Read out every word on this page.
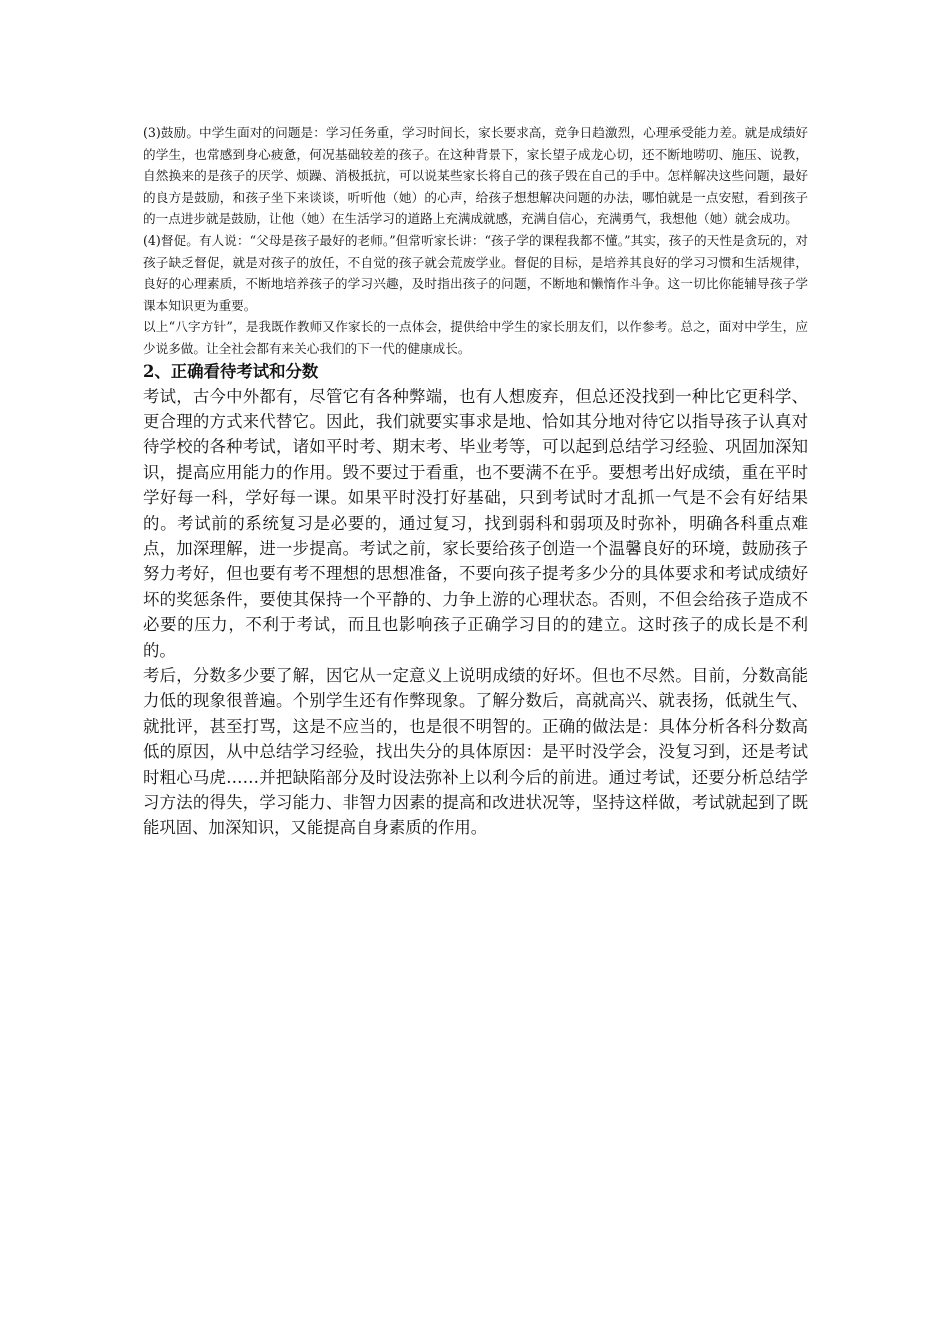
(3)鼓励。中学生面对的问题是：学习任务重，学习时间长，家长要求高，竞争日趋激烈，心理承受能力差。就是成绩好的学生，也常感到身心疲惫，何况基础较差的孩子。在这种背景下，家长望子成龙心切，还不断地唠叨、施压、说教，自然换来的是孩子的厌学、烦躁、消极抵抗，可以说某些家长将自己的孩子毁在自己的手中。怎样解决这些问题，最好的良方是鼓励，和孩子坐下来谈谈，听听他（她）的心声，给孩子想想解决问题的办法，哪怕就是一点安慰，看到孩子的一点进步就是鼓励，让他（她）在生活学习的道路上充满成就感，充满自信心，充满勇气，我想他（她）就会成功。

(4)督促。有人说：“父母是孩子最好的老师。”但常听家长讲：“孩子学的课程我都不懂。”其实，孩子的天性是贪玩的，对孩子缺乏督促，就是对孩子的放任，不自觉的孩子就会荒废学业。督促的目标，是培养其良好的学习习惯和生活规律，良好的心理素质，不断地培养孩子的学习兴趣，及时指出孩子的问题，不断地和懒惰作斗争。这一切比你能辅导孩子学课本知识更为重要。

以上“八字方针”，是我既作教师又作家长的一点体会，提供给中学生的家长朋友们，以作参考。总之，面对中学生，应少说多做。让全社会都有来关心我们的下一代的健康成长。

2、正确看待考试和分数

考试，古今中外都有，尽管它有各种弊端，也有人想废弃，但总还没找到一种比它更科学、更合理的方式来代替它。因此，我们就要实事求是地、恰如其分地对待它以指导孩子认真对待学校的各种考试，诸如平时考、期末考、毕业考等，可以起到总结学习经验、巩固加深知识，提高应用能力的作用。毁不要过于看重，也不要满不在乎。要想考出好成绩，重在平时学好每一科，学好每一课。如果平时没打好基础，只到考试时才乱抓一气是不会有好结果的。考试前的系统复习是必要的，通过复习，找到弱科和弱项及时弥补，明确各科重点难点，加深理解，进一步提高。考试之前，家长要给孩子创造一个温馨良好的环境，鼓励孩子努力考好，但也要有考不理想的思想准备，不要向孩子提考多少分的具体要求和考试成绩好坏的奖惩条件，要使其保持一个平静的、力争上游的心理状态。否则，不但会给孩子造成不必要的压力，不利于考试，而且也影响孩子正确学习目的的建立。这时孩子的成长是不利的。

考后，分数多少要了解，因它从一定意义上说明成绩的好坏。但也不尽然。目前，分数高能力低的现象很普遍。个别学生还有作弊现象。了解分数后，高就高兴、就表扬，低就生气、就批评，甚至打骂，这是不应当的，也是很不明智的。正确的做法是：具体分析各科分数高低的原因，从中总结学习经验，找出失分的具体原因：是平时没学会，没复习到，还是考试时粗心马虎……并把缺陷部分及时设法弥补上以利今后的前进。通过考试，还要分析总结学习方法的得失，学习能力、非智力因素的提高和改进状况等，坚持这样做，考试就起到了既能巩固、加深知识，又能提高自身素质的作用。
